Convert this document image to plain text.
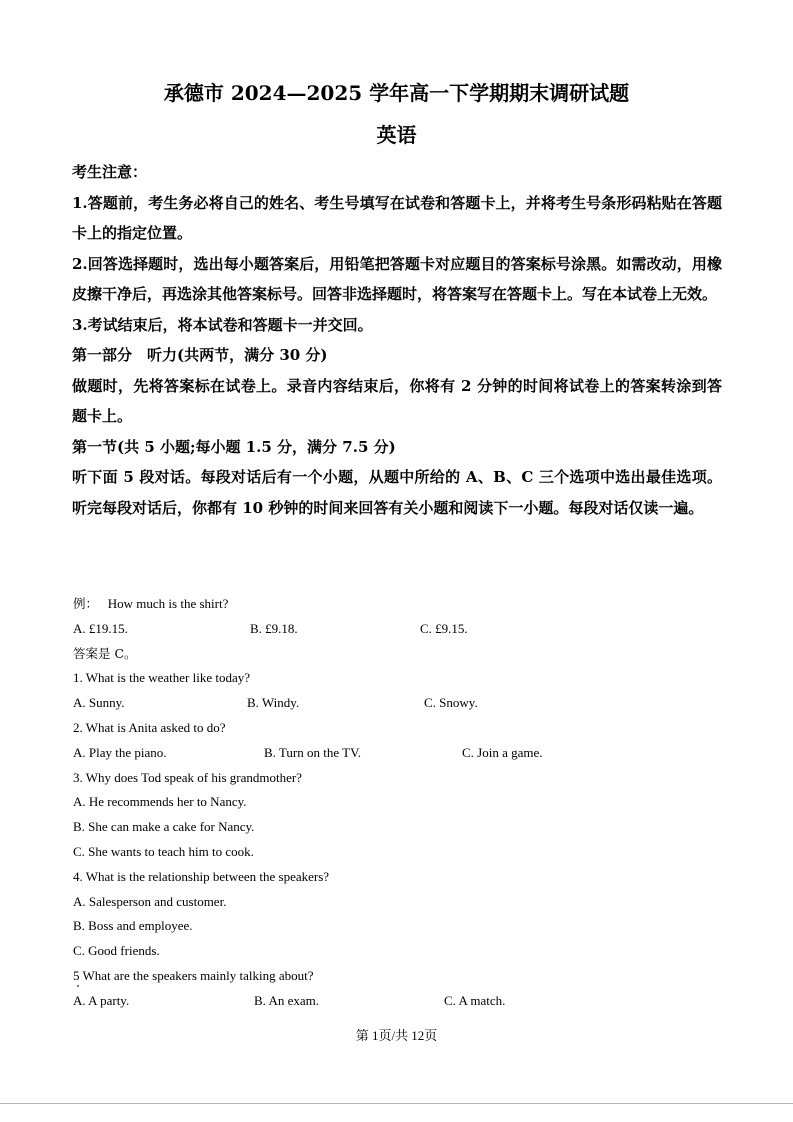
承德市 2024—2025 学年高一下学期期末调研试题
英语

考生注意：

1.答题前，考生务必将自己的姓名、考生号填写在试卷和答题卡上，并将考生号条形码粘贴在答题卡上的指定位置。

2.回答选择题时，选出每小题答案后，用铅笔把答题卡对应题目的答案标号涂黑。如需改动，用橡皮擦干净后，再选涂其他答案标号。回答非选择题时，将答案写在答题卡上。写在本试卷上无效。

3.考试结束后，将本试卷和答题卡一并交回。

第一部分　听力(共两节，满分 30 分)

做题时，先将答案标在试卷上。录音内容结束后，你将有 2 分钟的时间将试卷上的答案转涂到答题卡上。

第一节(共 5 小题;每小题 1.5 分，满分 7.5 分)

听下面 5 段对话。每段对话后有一个小题，从题中所给的 A、B、C 三个选项中选出最佳选项。听完每段对话后，你都有 10 秒钟的时间来回答有关小题和阅读下一小题。每段对话仅读一遍。

例： How much is the shirt?

A. £19.15.	B. £9.18.	C. £9.15.

答案是 C。

1. What is the weather like today?

A. Sunny.	B. Windy.	C. Snowy.

2. What is Anita asked to do?

A. Play the piano.	B. Turn on the TV.	C. Join a game.

3. Why does Tod speak of his grandmother?

A. He recommends her to Nancy.

B. She can make a cake for Nancy.

C. She wants to teach him to cook.

4. What is the relationship between the speakers?

A. Salesperson and customer.

B. Boss and employee.

C. Good friends.

5 What are the speakers mainly talking about?

A. A party.	B. An exam.	C. A match.

第 1页/共 12页
